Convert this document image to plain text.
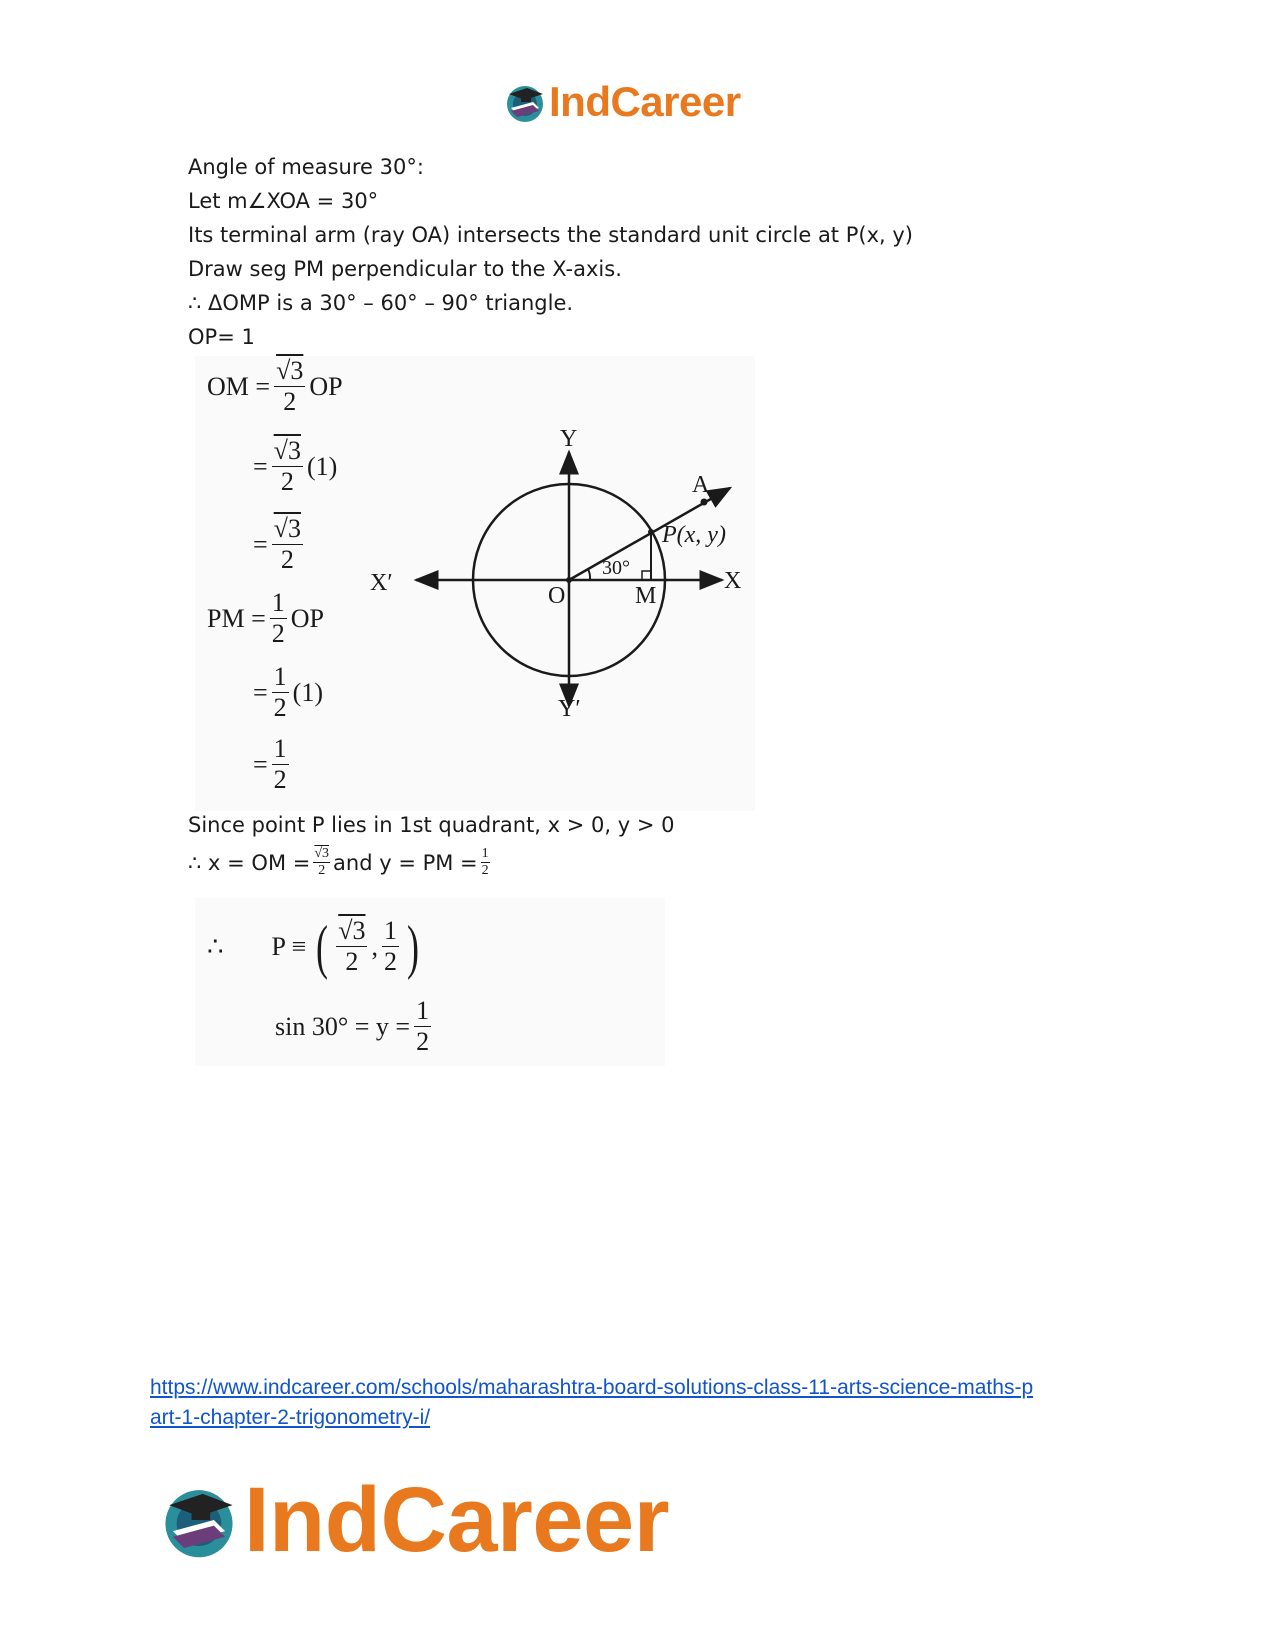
IndCareer
Angle of measure 30°:
Let m∠XOA = 30°
Its terminal arm (ray OA) intersects the standard unit circle at P(x, y)
Draw seg PM perpendicular to the X-axis.
∴ ΔOMP is a 30° – 60° – 90° triangle.
OP= 1
OM = $\frac{√3}{2}$ OP
= $\frac{√3}{2} (1)$
= $\frac{√3}{2}$
PM = $\frac{1}{2}$ OP
= $\frac{1}{2} (1)$
= $\frac{1}{2}$
Y
Y′
X
X′	O	M
A
P(x, y)
30°
Since point P lies in 1st quadrant, x > 0, y > 0
∴ x = OM = $\frac{√3}{2}$ and y = PM = $\frac{1}{2}$
∴ P ≡ ( $\frac{√3}{2}$ , $\frac{1}{2}$ )
$\sin 30^\circ = y = \frac{1}{2}$
https://www.indcareer.com/schools/maharashtra-board-solutions-class-11-arts-science-maths-p
art-1-chapter-2-trigonometry-i/
IndCareer
